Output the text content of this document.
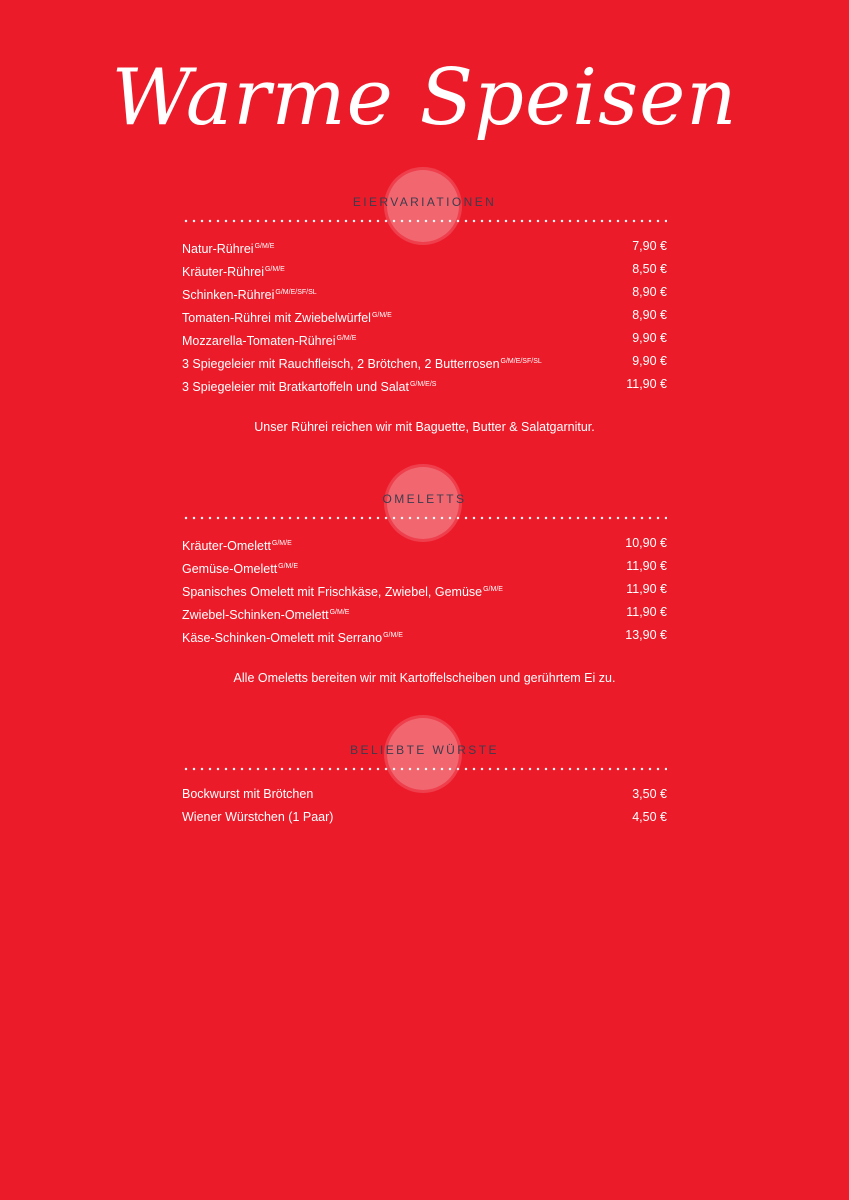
Warme Speisen
EIERVARIATIONEN
Natur-Rührei$^{G/M/E}$	7,90 €
Kräuter-Rührei$^{G/M/E}$	8,50 €
Schinken-Rührei$^{G/M/E/SF/SL}$	8,90 €
Tomaten-Rührei mit Zwiebelwürfel$^{G/M/E}$	8,90 €
Mozzarella-Tomaten-Rührei$^{G/M/E}$	9,90 €
3 Spiegeleier mit Rauchfleisch, 2 Brötchen, 2 Butterrosen$^{G/M/E/SF/SL}$	9,90 €
3 Spiegeleier mit Bratkartoffeln und Salat$^{G/M/E/S}$	11,90 €
Unser Rührei reichen wir mit Baguette, Butter & Salatgarnitur.
OMELETTS
Kräuter-Omelett$^{G/M/E}$	10,90 €
Gemüse-Omelett$^{G/M/E}$	11,90 €
Spanisches Omelett mit Frischkäse, Zwiebel, Gemüse$^{G/M/E}$	11,90 €
Zwiebel-Schinken-Omelett$^{G/M/E}$	11,90 €
Käse-Schinken-Omelett mit Serrano$^{G/M/E}$	13,90 €
Alle Omeletts bereiten wir mit Kartoffelscheiben und gerührtem Ei zu.
BELIEBTE WÜRSTE
Bockwurst mit Brötchen	3,50 €
Wiener Würstchen (1 Paar)	4,50 €
